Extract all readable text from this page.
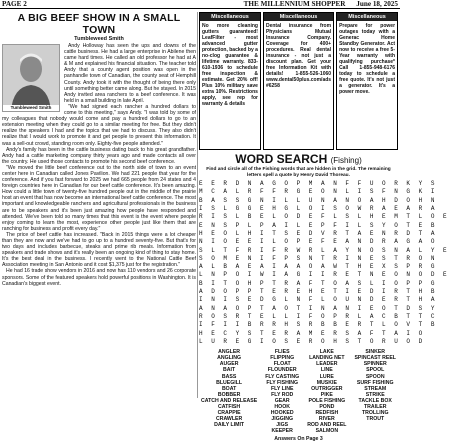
PAGE 2	THE MILLENNIUM SHOPPER June 18, 2025
A BIG BEEF SHOW IN A SMALL TOWN
Tumbleweed Smith
Tumbleweed Smith

Andy Holloway has seen the ups and downs of the cattle business. He had a large enterprise in Abilene then came hard times. He called an old professor he had at A & M and explained his financial situation. The teacher told Andy that a county agent position was open in the panhandle town of Canadian, the county seat of Hemphill County. Andy took it with the thought of being there only until something better came along. But he stayed. In 2015 Andy invited area ranchers to a beef conference. It was held in a small building in late April.

"We had signed each rancher a hundred dollars to come to this meeting," says Andy. "I was told by some of my colleagues that nobody would come and pay a hundred dollars to go to an extension meeting when they could go to a similar meeting for free. But they didn't realize the speakers I had and the topics that we had to discuss. They also didn't realize that I would work to promote it and get people to present this information. It was a sell-out crowd, standing room only. Eighty-five people attended."

Andy's family has been in the cattle business dating back to his great grandfather. Andy had a cattle marketing company thirty years ago and made contacts all over the country. He used those contacts to promote his second beef conference.

"We moved the little beef conference out to the north side of town to an event center here in Canadian called Jones Pavilion. We had 221 people that year for the conference. And if you fast forward to 2025 we had 665 people from 24 states and 4 foreign countries here in Canadian for our beef cattle conference. It's been amazing. How could a little town of twenty-five hundred people out in the middle of the prairie host an event that has now become an international beef cattle conference. The most important and knowledgeable ranchers and agricultural professionals in the business are to be speakers and it's been just amazing how people have responded and attended. We've been told so many times that this event is the event where people enjoy coming to learn the most, experience other people just like them that are ranching for business and profit every day."

The price of beef cattle has increased. "Back in 2015 things were a lot cheaper than they are now and we've had to go up to a hundred seventy-five. But that's for two days and includes barbecue, steaks and prime rib meals. Information from speakers and trade shows and it's really been an ongoing kind of thing to stay home. It's the best deal in the business. I recently went to the National Cattle Beef Association meeting in San Antonio and it cost $1,375 just for the registration."

He had 16 trade show vendors in 2016 and now has 110 vendors and 26 corporate sponsors. Some of the featured speakers hold powerful positions in Washington. It is Canadian's biggest event.

Miscellaneous
No more cleaning gutters guaranteed! LeafFilter - most advanced gutter protection, backed by a no-clog guarantee & lifetime warranty. 833-610-1936 to schedule free inspection & estimate. Get 20% off! Plus 10% military save extra 10%. Restrictions apply, see rep for warranty & details
Miscellaneous
Dental insurance from Physicians Mutual Insurance Company. Coverage for 400+ procedures. Real dental insurance - not just a discount plan. Get your free Information Kit with details! 1-855-526-1060 www.dental50plus.com/ads #6258
Miscellaneous
Prepare for power outages today with a Generac Home Standby Generator. Act now to receive a free 5-Year warranty with qualifying purchase* Call 1-855-948-6176 today to schedule a free quote. It's not just a generator. It's a power move.
WORD SEARCH (Fishing)
Find and circle all of the Fishing words that are hidden in the grid. The remaining letters spell a quote by Henry David Thoreau.
E E R D N A G O P M A N F F U O R K Y S
M C A L R F F R G E O N L I S F N G K I
B A S S G N I L L U N A N O A H D O H N
I S L G G E H G L O I S O W R A E A R A
R I S L B E L O D E F L S L H E M T L O E
E N S P L P A I L E P F I L S Y O T E B
H E O L H I T S E D V R T A E N R D T A
N I O E E I L O P E F E A N D R A G A O
S L T F R I F R W R L A Y N O S N A L Y E
S O M E N I F P S N T R I N E S T R O N
A L B A E A I A A O A W T H E X S P R G
L N P O I W I A G I I R E T N E O N O D E
B I T O H P T R A F T O A S L I O P P G
A D O P P T E R E H E T I E D I R T H B
I N I S E D G L N F L O U N D E R T H A
A N A O P T A O T I N A N I E O T D S Y
R O S R T E L L I F O P R L A C B T T C
I F I I B R R H S R B B E R T L O V T B
H E C Y S T E R A M E R S A F T A I O
L U R E G I O S E R O H S T O R U O D
ANGLER
ANGLING
AUGER
BAIT
BASS
BLUEGILL
BOAT
BOBBER
CATCH AND RELEASE
CATFISH
CRAPPIE
CRAWLER
DAILY LIMIT
FLIES
FLIPPING
FLOAT
FLOUNDER
FLY CASTING
FLY FISHING
FLY LINE
FLY ROD
GEAR
HOOK
HOOKED
JIGGING
JIGS
KEEPER
LAKE
LANDING NET
LEADER
LINE
LURE
MUSKIE
OUTRIGGER
PIKE
POLE FISHING
POND
REDFISH
RIVER
ROD AND REEL
SALMON
SINKER
SPINCAST REEL
SPINNER
SPOOL
SPOON
SURF FISHING
STREAM
STRIKE
TACKLE BOX
TRAILER
TROLLING
TROUT
Answers On Page 3
